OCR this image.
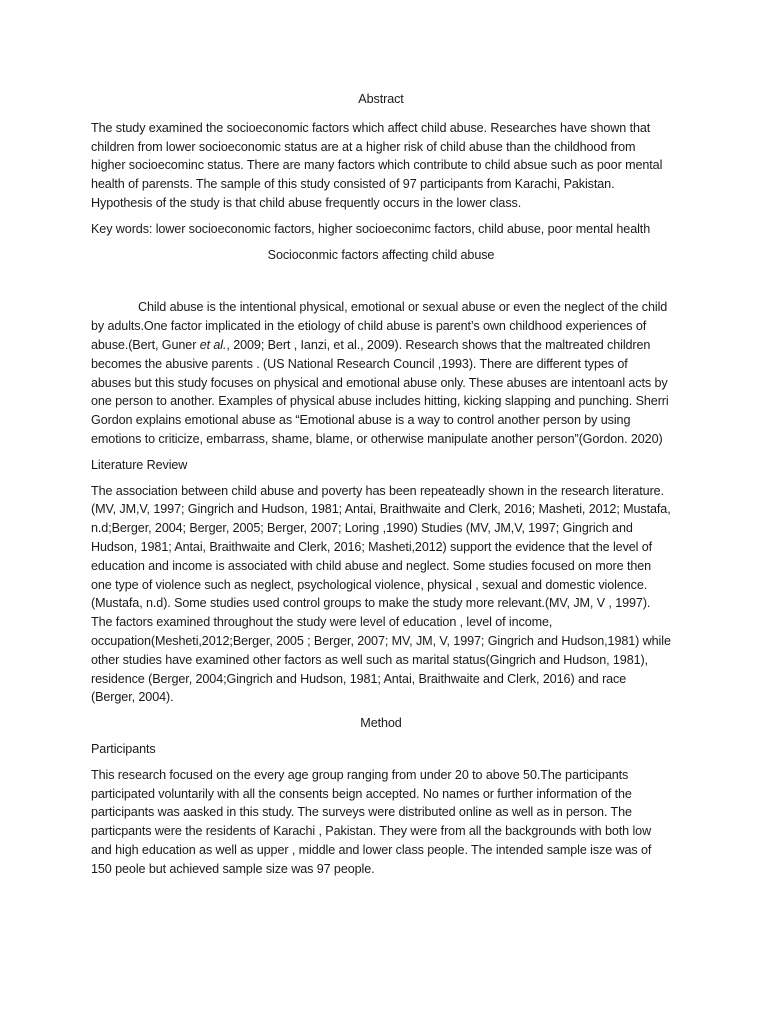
Abstract

The study examined the socioeconomic factors which affect child abuse. Researches have shown that children from lower socioeconomic status are at a higher risk of child abuse than the childhood from higher socioecominc status. There are many factors which contribute to child absue such as poor mental health of parensts. The sample of this study consisted of 97 participants from Karachi, Pakistan. Hypothesis of the study is that child abuse frequently occurs in the lower class.

Key words: lower socioeconomic factors, higher socioeconimc factors, child abuse, poor mental health

Socioconmic factors affecting child abuse

Child abuse is the intentional physical, emotional or sexual abuse or even the neglect of the child by adults.One factor implicated in the etiology of child abuse is parent’s own childhood experiences of abuse.(Bert, Guner et al., 2009; Bert , Ianzi, et al., 2009). Research shows that the maltreated children becomes the abusive parents . (US National Research Council ,1993). There are different types of abuses but this study focuses on physical and emotional abuse only. These abuses are intentoanl acts by one person to another. Examples of physical abuse includes hitting, kicking slapping and punching. Sherri Gordon explains emotional abuse as “Emotional abuse is a way to control another person by using emotions to criticize, embarrass, shame, blame, or otherwise manipulate another person”(Gordon. 2020)

Literature Review

The association between child abuse and poverty has been repeateadly shown in the research literature.(MV, JM,V, 1997; Gingrich and Hudson, 1981; Antai, Braithwaite and Clerk, 2016; Masheti, 2012; Mustafa, n.d;Berger, 2004; Berger, 2005; Berger, 2007; Loring ,1990) Studies (MV, JM,V, 1997; Gingrich and Hudson, 1981; Antai, Braithwaite and Clerk, 2016; Masheti,2012) support the evidence that the level of education and income is associated with child abuse and neglect. Some studies focused on more then one type of violence such as neglect, psychological violence, physical , sexual and domestic violence.(Mustafa, n.d). Some studies used control groups to make the study more relevant.(MV, JM, V , 1997). The factors examined throughout the study were level of education , level of income, occupation(Mesheti,2012;Berger, 2005 ; Berger, 2007; MV, JM, V, 1997; Gingrich and Hudson,1981) while other studies have examined other factors as well such as marital status(Gingrich and Hudson, 1981), residence (Berger, 2004;Gingrich and Hudson, 1981; Antai, Braithwaite and Clerk, 2016) and race (Berger, 2004).

Method

Participants

This research focused on the every age group ranging from under 20 to above 50.The participants participated voluntarily with all the consents beign accepted. No names or further information of the participants was aasked in this study. The surveys were distributed online as well as in person. The particpants were the residents of Karachi , Pakistan. They were from all the backgrounds with both low and high education as well as upper , middle and lower class people. The intended sample isze was of 150 peole but achieved sample size was 97 people.
